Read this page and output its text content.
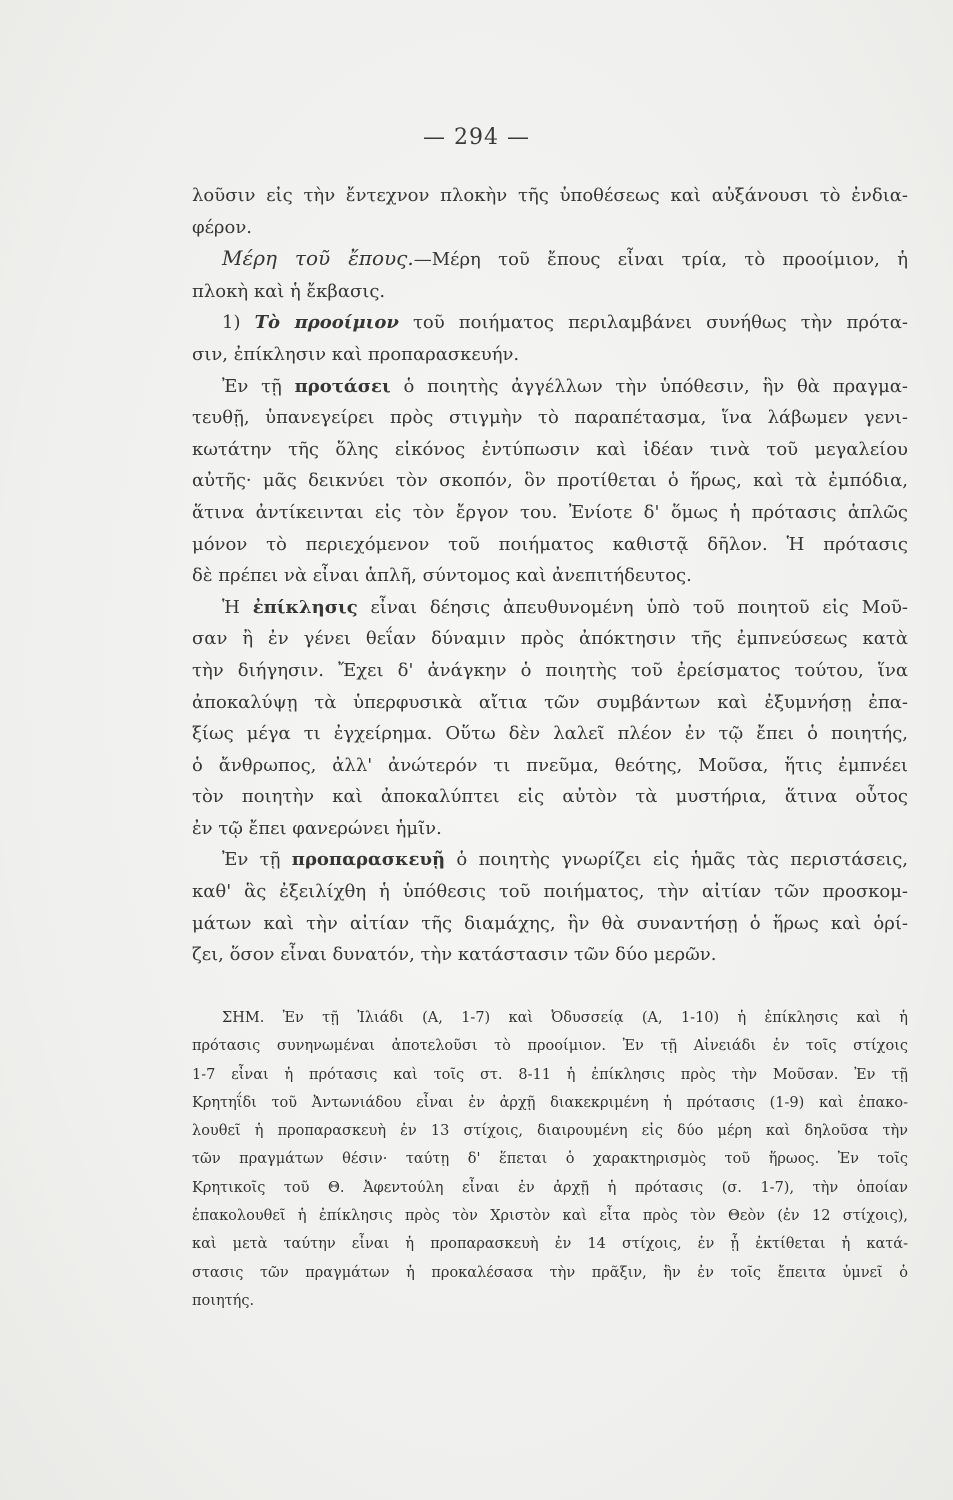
— 294 —
λοῦσιν εἰς τὴν ἔντεχνον πλοκὴν τῆς ὑποθέσεως καὶ αὐξάνουσι τὸ ἐνδια-
φέρον.
Μέρη τοῦ ἔπους.—Μέρη τοῦ ἔπους εἶναι τρία, τὸ προοίμιον, ἡ
πλοκὴ καὶ ἡ ἔκβασις.
1) Τὸ προοίμιον τοῦ ποιήματος περιλαμβάνει συνήθως τὴν πρότα-
σιν, ἐπίκλησιν καὶ προπαρασκευήν.
Ἐν τῇ προτάσει ὁ ποιητὴς ἀγγέλλων τὴν ὑπόθεσιν, ἣν θὰ πραγμα-
τευθῇ, ὑπανεγείρει πρὸς στιγμὴν τὸ παραπέτασμα, ἵνα λάβωμεν γενι-
κωτάτην τῆς ὅλης εἰκόνος ἐντύπωσιν καὶ ἰδέαν τινὰ τοῦ μεγαλείου
αὐτῆς· μᾶς δεικνύει τὸν σκοπόν, ὃν προτίθεται ὁ ἥρως, καὶ τὰ ἐμπόδια,
ἅτινα ἀντίκεινται εἰς τὸν ἔργον του. Ἐνίοτε δ' ὅμως ἡ πρότασις ἁπλῶς
μόνον τὸ περιεχόμενον τοῦ ποιήματος καθιστᾷ δῆλον. Ἡ πρότασις
δὲ πρέπει νὰ εἶναι ἁπλῆ, σύντομος καὶ ἀνεπιτήδευτος.
Ἡ ἐπίκλησις εἶναι δέησις ἀπευθυνομένη ὑπὸ τοῦ ποιητοῦ εἰς Μοῦ-
σαν ἢ ἐν γένει θεΐαν δύναμιν πρὸς ἀπόκτησιν τῆς ἐμπνεύσεως κατὰ
τὴν διήγησιν. Ἔχει δ' ἀνάγκην ὁ ποιητὴς τοῦ ἐρείσματος τούτου, ἵνα
ἀποκαλύψῃ τὰ ὑπερφυσικὰ αἴτια τῶν συμβάντων καὶ ἐξυμνήσῃ ἐπα-
ξίως μέγα τι ἐγχείρημα. Οὕτω δὲν λαλεῖ πλέον ἐν τῷ ἔπει ὁ ποιητής,
ὁ ἄνθρωπος, ἀλλ' ἀνώτερόν τι πνεῦμα, θεότης, Μοῦσα, ἥτις ἐμπνέει
τὸν ποιητὴν καὶ ἀποκαλύπτει εἰς αὐτὸν τὰ μυστήρια, ἅτινα οὗτος
ἐν τῷ ἔπει φανερώνει ἡμῖν.
Ἐν τῇ προπαρασκευῇ ὁ ποιητὴς γνωρίζει εἰς ἡμᾶς τὰς περιστάσεις,
καθ' ἃς ἐξειλίχθη ἡ ὑπόθεσις τοῦ ποιήματος, τὴν αἰτίαν τῶν προσκομ-
μάτων καὶ τὴν αἰτίαν τῆς διαμάχης, ἣν θὰ συναντήσῃ ὁ ἥρως καὶ ὁρί-
ζει, ὅσον εἶναι δυνατόν, τὴν κατάστασιν τῶν δύο μερῶν.
ΣΗΜ. Ἐν τῇ Ἰλιάδι (Α, 1-7) καὶ Ὀδυσσείᾳ (Α, 1-10) ἡ ἐπίκλησις καὶ ἡ
πρότασις συνηνωμέναι ἀποτελοῦσι τὸ προοίμιον. Ἐν τῇ Αἰνειάδι ἐν τοῖς στίχοις
1-7 εἶναι ἡ πρότασις καὶ τοῖς στ. 8-11 ἡ ἐπίκλησις πρὸς τὴν Μοῦσαν. Ἐν τῇ
Κρητηΐδι τοῦ Ἀντωνιάδου εἶναι ἐν ἀρχῇ διακεκριμένη ἡ πρότασις (1-9) καὶ ἐπακο-
λουθεῖ ἡ προπαρασκευὴ ἐν 13 στίχοις, διαιρουμένη εἰς δύο μέρη καὶ δηλοῦσα τὴν
τῶν πραγμάτων θέσιν· ταύτῃ δ' ἕπεται ὁ χαρακτηρισμὸς τοῦ ἥρωος. Ἐν τοῖς
Κρητικοῖς τοῦ Θ. Ἀφεντούλη εἶναι ἐν ἀρχῇ ἡ πρότασις (σ. 1-7), τὴν ὁποίαν
ἐπακολουθεῖ ἡ ἐπίκλησις πρὸς τὸν Χριστὸν καὶ εἶτα πρὸς τὸν Θεὸν (ἐν 12 στίχοις),
καὶ μετὰ ταύτην εἶναι ἡ προπαρασκευὴ ἐν 14 στίχοις, ἐν ᾗ ἐκτίθεται ἡ κατά-
στασις τῶν πραγμάτων ἡ προκαλέσασα τὴν πρᾶξιν, ἣν ἐν τοῖς ἔπειτα ὑμνεῖ ὁ
ποιητής.
